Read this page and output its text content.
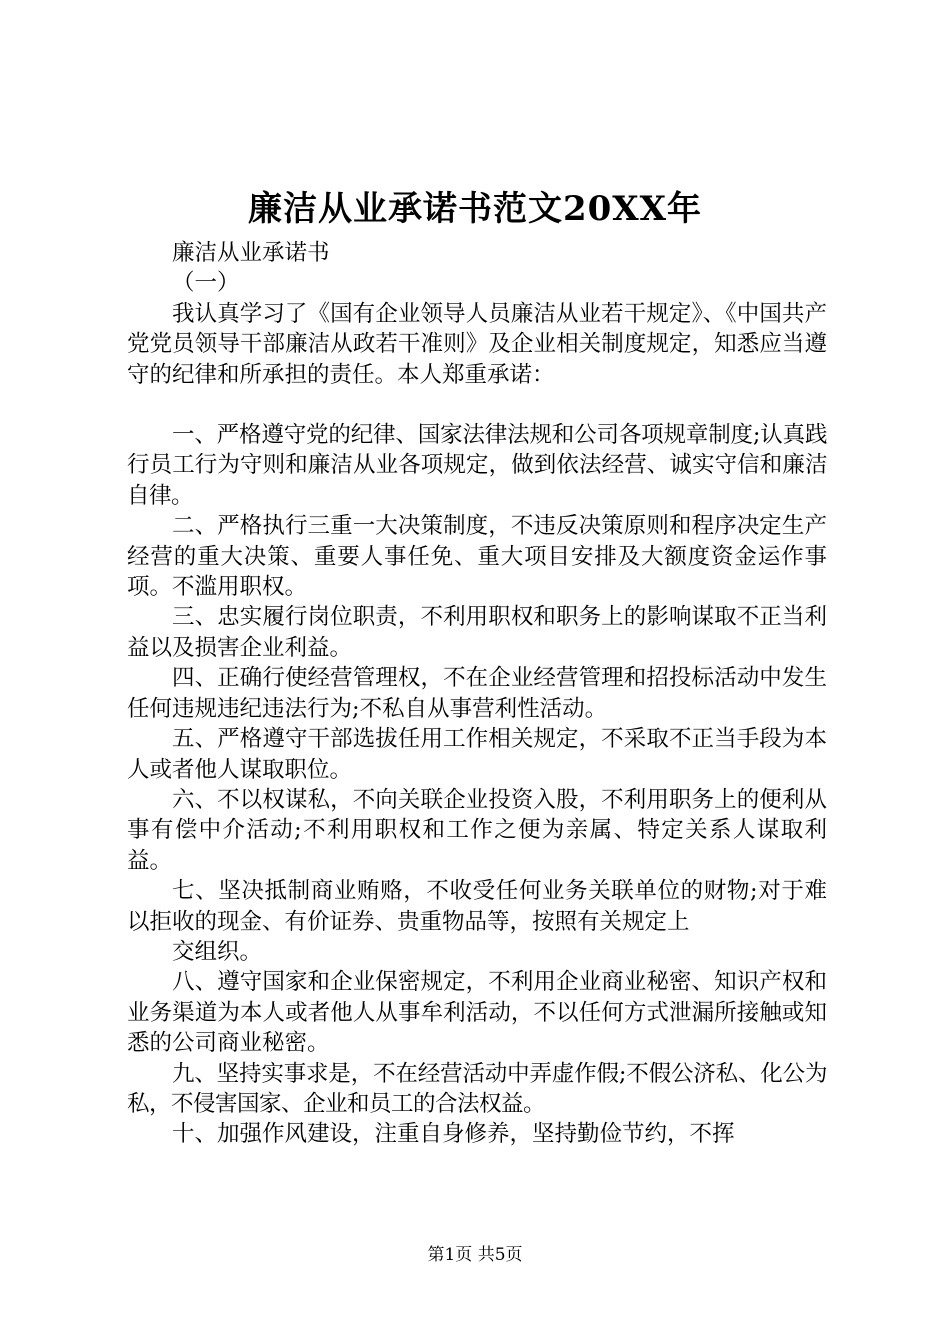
廉洁从业承诺书范文20XX年

廉洁从业承诺书

（一）

我认真学习了《国有企业领导人员廉洁从业若干规定》、《中国共产党党员领导干部廉洁从政若干准则》及企业相关制度规定，知悉应当遵守的纪律和所承担的责任。本人郑重承诺：

一、严格遵守党的纪律、国家法律法规和公司各项规章制度;认真践行员工行为守则和廉洁从业各项规定，做到依法经营、诚实守信和廉洁自律。

二、严格执行三重一大决策制度，不违反决策原则和程序决定生产经营的重大决策、重要人事任免、重大项目安排及大额度资金运作事项。不滥用职权。

三、忠实履行岗位职责，不利用职权和职务上的影响谋取不正当利益以及损害企业利益。

四、正确行使经营管理权，不在企业经营管理和招投标活动中发生任何违规违纪违法行为;不私自从事营利性活动。

五、严格遵守干部选拔任用工作相关规定，不采取不正当手段为本人或者他人谋取职位。

六、不以权谋私，不向关联企业投资入股，不利用职务上的便利从事有偿中介活动;不利用职权和工作之便为亲属、特定关系人谋取利益。

七、坚决抵制商业贿赂，不收受任何业务关联单位的财物;对于难以拒收的现金、有价证券、贵重物品等，按照有关规定上

交组织。

八、遵守国家和企业保密规定，不利用企业商业秘密、知识产权和业务渠道为本人或者他人从事牟利活动，不以任何方式泄漏所接触或知悉的公司商业秘密。

九、坚持实事求是，不在经营活动中弄虚作假;不假公济私、化公为私，不侵害国家、企业和员工的合法权益。

十、加强作风建设，注重自身修养，坚持勤俭节约，不挥

第1页 共5页
